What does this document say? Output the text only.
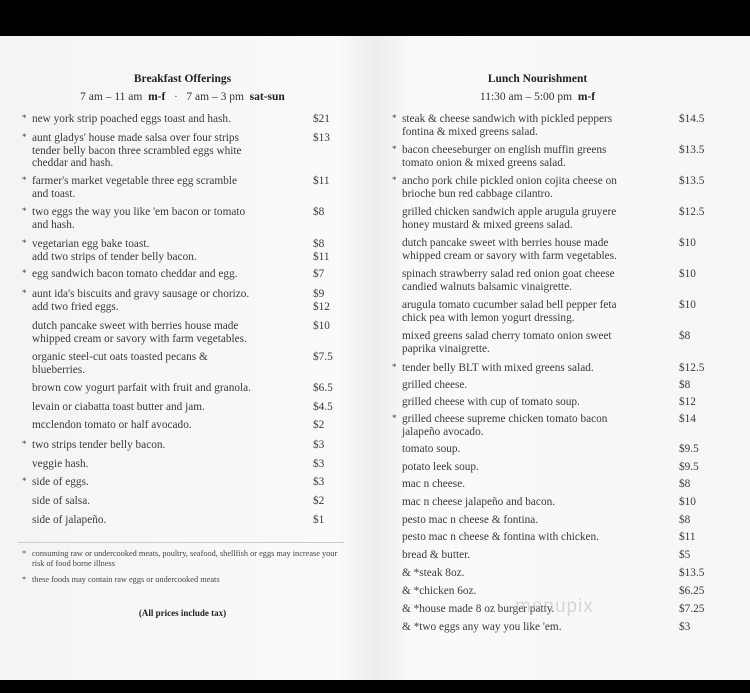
Breakfast Offerings
7 am – 11 am m-f · 7 am – 3 pm sat-sun
* new york strip poached eggs toast and hash.	$21
* aunt gladys' house made salsa over four strips
tender belly bacon three scrambled eggs white
cheddar and hash.
$13
* farmer's market vegetable three egg scramble
and toast.
$11
* two eggs the way you like 'em bacon or tomato
and hash.
$8
* vegetarian egg bake toast.
add two strips of tender belly bacon.
$8
$11
* egg sandwich bacon tomato cheddar and egg.	$7
* aunt ida's biscuits and gravy sausage or chorizo.
add two fried eggs.
$9
$12
dutch pancake sweet with berries house made
whipped cream or savory with farm vegetables.
$10
organic steel-cut oats toasted pecans &
blueberries.
$7.5
brown cow yogurt parfait with fruit and granola.	$6.5
levain or ciabatta toast butter and jam.	$4.5
mcclendon tomato or half avocado.	$2
* two strips tender belly bacon.	$3
veggie hash.	$3
* side of eggs.	$3
side of salsa.	$2
side of jalapeño.	$1
* consuming raw or undercooked meats, poultry, seafood, shellfish or eggs may increase your risk of food borne illness
* these foods may contain raw eggs or undercooked meats
(All prices include tax)
Lunch Nourishment
11:30 am – 5:00 pm m-f
* steak & cheese sandwich with pickled peppers
fontina & mixed greens salad.
$14.5
* bacon cheeseburger on english muffin greens
tomato onion & mixed greens salad.
$13.5
* ancho pork chile pickled onion cojita cheese on
brioche bun red cabbage cilantro.
$13.5
grilled chicken sandwich apple arugula gruyere
honey mustard & mixed greens salad.
$12.5
dutch pancake sweet with berries house made
whipped cream or savory with farm vegetables.
$10
spinach strawberry salad red onion goat cheese
candied walnuts balsamic vinaigrette.
$10
arugula tomato cucumber salad bell pepper feta
chick pea with lemon yogurt dressing.
$10
mixed greens salad cherry tomato onion sweet
paprika vinaigrette.
$8
* tender belly BLT with mixed greens salad.	$12.5
grilled cheese.	$8
grilled cheese with cup of tomato soup.	$12
* grilled cheese supreme chicken tomato bacon
jalapeño avocado.
$14
tomato soup.	$9.5
potato leek soup.	$9.5
mac n cheese.	$8
mac n cheese jalapeño and bacon.	$10
pesto mac n cheese & fontina.	$8
pesto mac n cheese & fontina with chicken.	$11
bread & butter.	$5
& *steak 8oz.	$13.5
& *chicken 6oz.	$6.25
& *house made 8 oz burger patty.	$7.25
& *two eggs any way you like 'em.	$3
menupix
